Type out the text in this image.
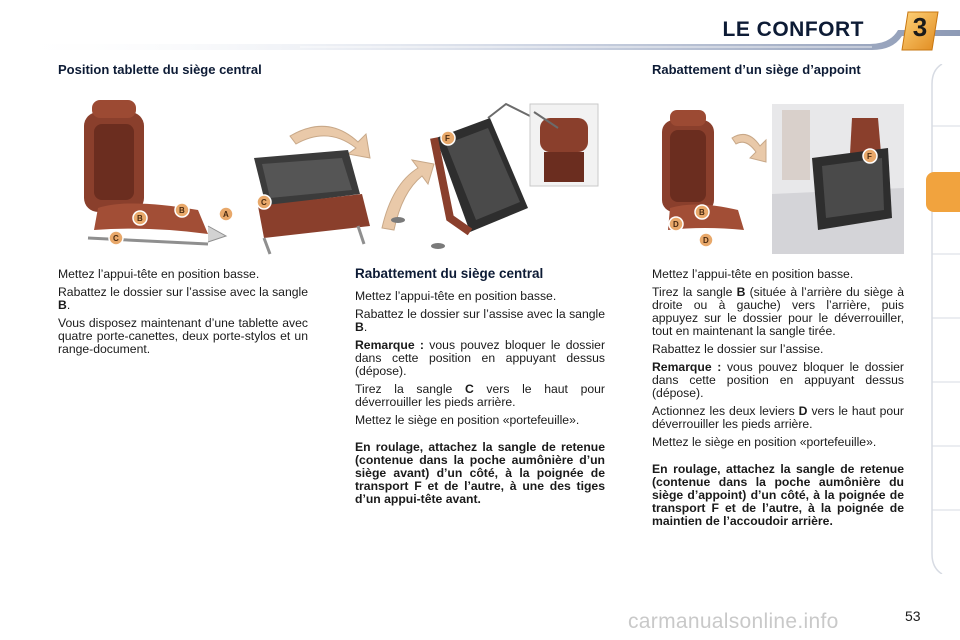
LE CONFORT	3
Position tablette du siège central	Rabattement d’un siège d’appoint
C
B
B	A
C
F
B
D
D
F

Mettez l’appui-tête en position basse.

Rabattez le dossier sur l’assise avec la sangle B.

Vous disposez maintenant d’une tablette avec quatre porte-canettes, deux porte-stylos et un range-document.

Rabattement du siège central

Mettez l’appui-tête en position basse.

Rabattez le dossier sur l’assise avec la sangle B.

Remarque : vous pouvez bloquer le dossier dans cette position en appuyant dessus (dépose).

Tirez la sangle C vers le haut pour déverrouiller les pieds arrière.

Mettez le siège en position «portefeuille».

En roulage, attachez la sangle de retenue (contenue dans la poche aumônière d’un siège avant) d’un côté, à la poignée de transport F et de l’autre, à une des tiges d’un appui-tête avant.

Mettez l’appui-tête en position basse.

Tirez la sangle B (située à l’arrière du siège à droite ou à gauche) vers l’arrière, puis appuyez sur le dossier pour le déverrouiller, tout en maintenant la sangle tirée.

Rabattez le dossier sur l’assise.

Remarque : vous pouvez bloquer le dossier dans cette position en appuyant dessus (dépose).

Actionnez les deux leviers D vers le haut pour déverrouiller les pieds arrière.

Mettez le siège en position «portefeuille».

En roulage, attachez la sangle de retenue (contenue dans la poche aumônière du siège d’appoint) d’un côté, à la poignée de transport F et de l’autre, à la poignée de maintien de l’accoudoir arrière.

carmanualsonline.info	53
